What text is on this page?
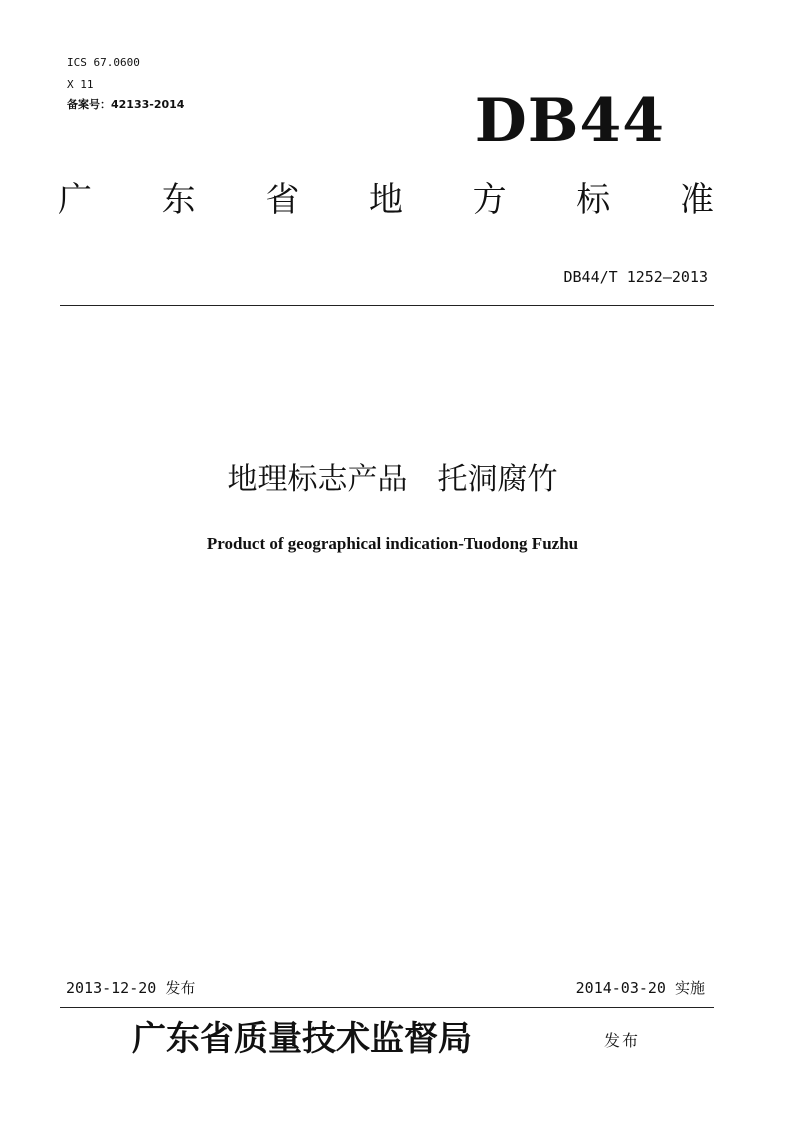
ICS 67.0600
X 11
备案号：42133-2014	DB44
广 东 省 地 方 标 准
DB44/T 1252—2013
地理标志产品　托洞腐竹
Product of geographical indication-Tuodong Fuzhu
2013-12-20 发布	2014-03-20 实施
广东省质量技术监督局	发布
